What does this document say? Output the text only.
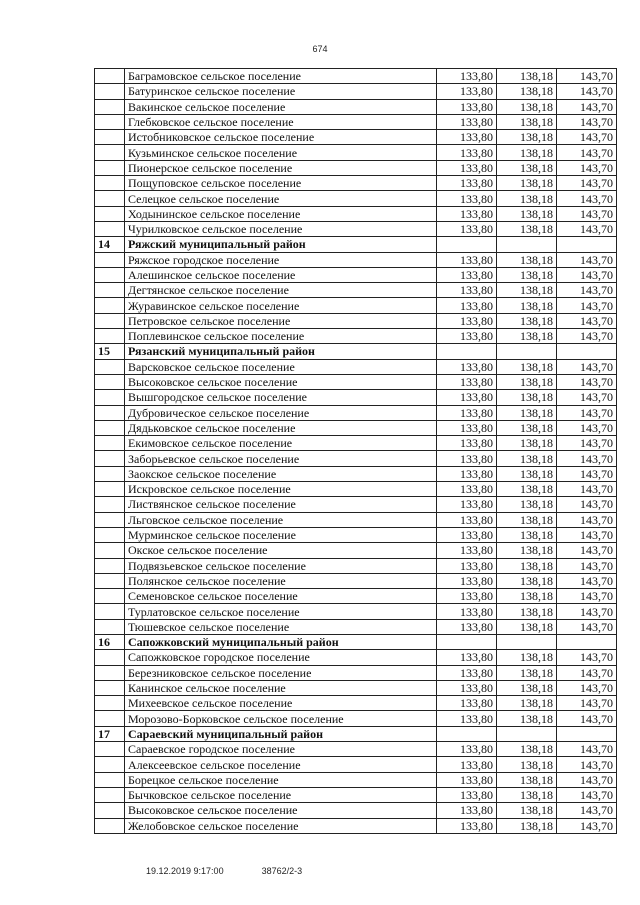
674
	Баграмовское сельское поселение	133,80	138,18	143,70
	Батуринское сельское поселение	133,80	138,18	143,70
	Вакинское сельское поселение	133,80	138,18	143,70
	Глебковское сельское поселение	133,80	138,18	143,70
	Истобниковское сельское поселение	133,80	138,18	143,70
	Кузьминское сельское поселение	133,80	138,18	143,70
	Пионерское сельское поселение	133,80	138,18	143,70
	Пощуповское сельское поселение	133,80	138,18	143,70
	Селецкое сельское поселение	133,80	138,18	143,70
	Ходынинское сельское поселение	133,80	138,18	143,70
	Чурилковское сельское поселение	133,80	138,18	143,70
14	Ряжский муниципальный район			
	Ряжское городское поселение	133,80	138,18	143,70
	Алешинское сельское поселение	133,80	138,18	143,70
	Дегтянское сельское поселение	133,80	138,18	143,70
	Журавинское сельское поселение	133,80	138,18	143,70
	Петровское сельское поселение	133,80	138,18	143,70
	Поплевинское сельское поселение	133,80	138,18	143,70
15	Рязанский муниципальный район			
	Варсковское сельское поселение	133,80	138,18	143,70
	Высоковское сельское поселение	133,80	138,18	143,70
	Вышгородское сельское поселение	133,80	138,18	143,70
	Дубровическое сельское поселение	133,80	138,18	143,70
	Дядьковское сельское поселение	133,80	138,18	143,70
	Екимовское сельское поселение	133,80	138,18	143,70
	Заборьевское сельское поселение	133,80	138,18	143,70
	Заокское сельское поселение	133,80	138,18	143,70
	Искровское сельское поселение	133,80	138,18	143,70
	Листвянское сельское поселение	133,80	138,18	143,70
	Льговское сельское поселение	133,80	138,18	143,70
	Мурминское сельское поселение	133,80	138,18	143,70
	Окское сельское поселение	133,80	138,18	143,70
	Подвязьевское сельское поселение	133,80	138,18	143,70
	Полянское сельское поселение	133,80	138,18	143,70
	Семеновское сельское поселение	133,80	138,18	143,70
	Турлатовское сельское поселение	133,80	138,18	143,70
	Тюшевское сельское поселение	133,80	138,18	143,70
16	Сапожковский муниципальный район			
	Сапожковское городское поселение	133,80	138,18	143,70
	Березниковское сельское поселение	133,80	138,18	143,70
	Канинское сельское поселение	133,80	138,18	143,70
	Михеевское сельское поселение	133,80	138,18	143,70
	Морозово-Борковское сельское поселение	133,80	138,18	143,70
17	Сараевский муниципальный район			
	Сараевское городское поселение	133,80	138,18	143,70
	Алексеевское сельское поселение	133,80	138,18	143,70
	Борецкое сельское поселение	133,80	138,18	143,70
	Бычковское сельское поселение	133,80	138,18	143,70
	Высоковское сельское поселение	133,80	138,18	143,70
	Желобовское сельское поселение	133,80	138,18	143,70
19.12.2019 9:17:00	38762/2-3
